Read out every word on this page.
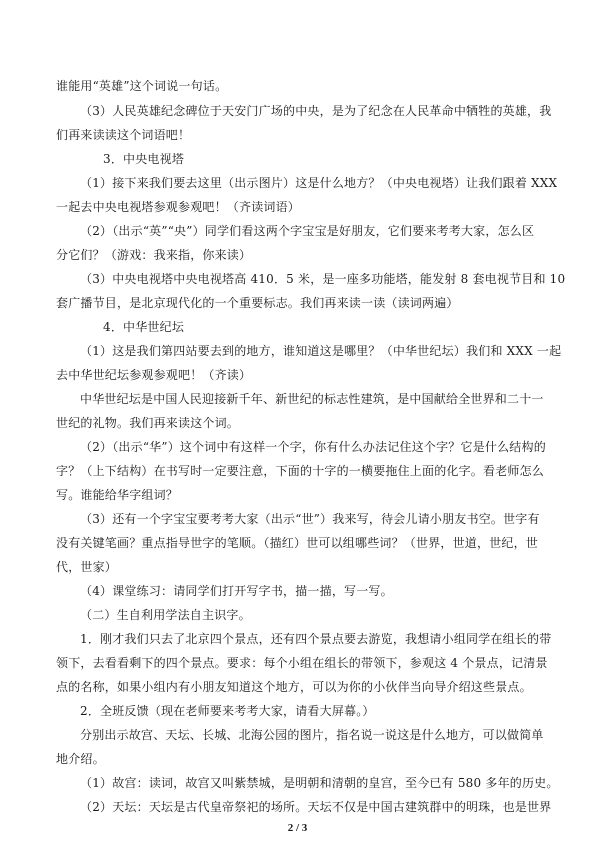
谁能用“英雄”这个词说一句话。
（3）人民英雄纪念碑位于天安门广场的中央，是为了纪念在人民革命中牺牲的英雄，我
们再来读读这个词语吧！
3．中央电视塔
（1）接下来我们要去这里（出示图片）这是什么地方？（中央电视塔）让我们跟着 XXX
一起去中央电视塔参观参观吧！（齐读词语）
（2）（出示“英”“央”）同学们看这两个字宝宝是好朋友，它们要来考考大家，怎么区
分它们？（游戏：我来指，你来读）
（3）中央电视塔中央电视塔高 410．5 米，是一座多功能塔，能发射 8 套电视节目和 10
套广播节目，是北京现代化的一个重要标志。我们再来读一读（读词两遍）
4．中华世纪坛
（1）这是我们第四站要去到的地方，谁知道这是哪里？（中华世纪坛）我们和 XXX 一起
去中华世纪坛参观参观吧！（齐读）
中华世纪坛是中国人民迎接新千年、新世纪的标志性建筑，是中国献给全世界和二十一
世纪的礼物。我们再来读这个词。
（2）（出示“华”）这个词中有这样一个字，你有什么办法记住这个字？它是什么结构的
字？（上下结构）在书写时一定要注意，下面的十字的一横要拖住上面的化字。看老师怎么
写。谁能给华字组词？
（3）还有一个字宝宝要考考大家（出示“世”）我来写，待会儿请小朋友书空。世字有
没有关键笔画？重点指导世字的笔顺。（描红）世可以组哪些词？（世界，世道，世纪，世
代，世家）
（4）课堂练习：请同学们打开写字书，描一描，写一写。
（二）生自利用学法自主识字。
1．刚才我们只去了北京四个景点，还有四个景点要去游览，我想请小组同学在组长的带
领下，去看看剩下的四个景点。要求：每个小组在组长的带领下，参观这 4 个景点，记清景
点的名称，如果小组内有小朋友知道这个地方，可以为你的小伙伴当向导介绍这些景点。
2．全班反馈（现在老师要来考考大家，请看大屏幕。）
分别出示故宫、天坛、长城、北海公园的图片，指名说一说这是什么地方，可以做简单
地介绍。
（1）故宫：读词，故宫又叫紫禁城，是明朝和清朝的皇宫，至今已有 580 多年的历史。
（2）天坛：天坛是古代皇帝祭祀的场所。天坛不仅是中国古建筑群中的明珠，也是世界
2 / 3
